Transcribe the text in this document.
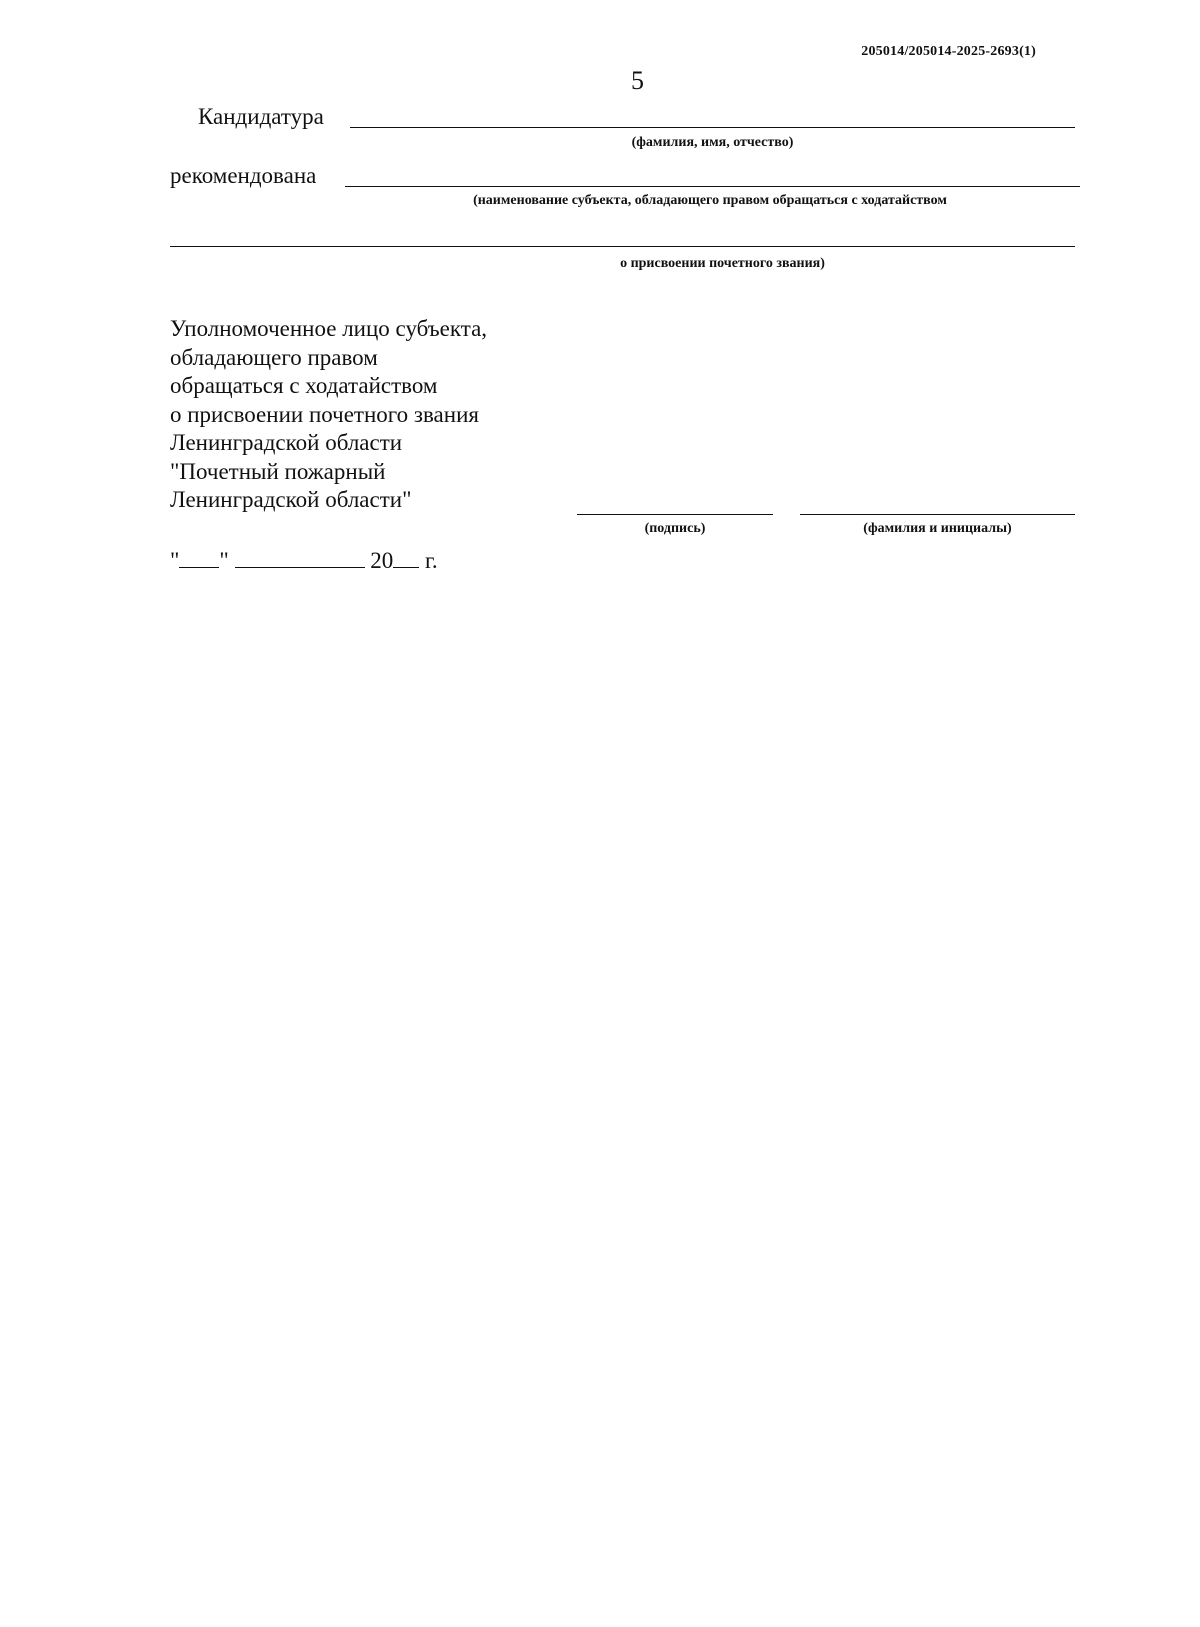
205014/205014-2025-2693(1)
5
Кандидатура
(фамилия, имя, отчество)
рекомендована
(наименование субъекта, обладающего правом обращаться с ходатайством
о присвоении почетного звания)
Уполномоченное лицо субъекта,
обладающего правом
обращаться с ходатайством
о присвоении почетного звания
Ленинградской области
"Почетный пожарный
Ленинградской области"
(подпись)	(фамилия и инициалы)
" "	20 г.
